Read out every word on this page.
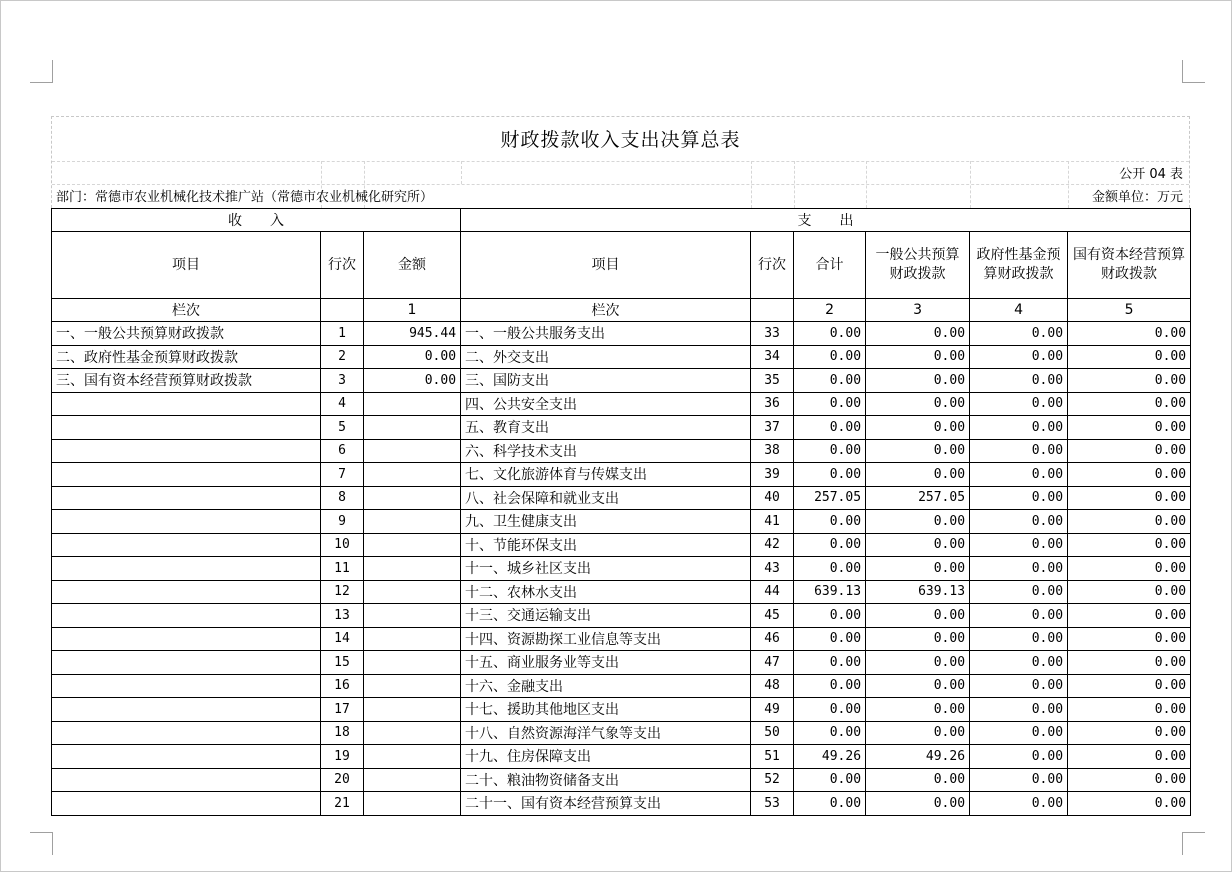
财政拨款收入支出决算总表
公开 04 表
部门：常德市农业机械化技术推广站（常德市农业机械化研究所）	金额单位：万元
收　　入			支　　出					
项目	行次	金额	项目	行次	合计	一般公共预算财政拨款	政府性基金预算财政拨款	国有资本经营预算财政拨款
栏次		1	栏次		2	3	4	5
一、一般公共预算财政拨款	1	945.44	一、一般公共服务支出	33	0.00	0.00	0.00	0.00
二、政府性基金预算财政拨款	2	0.00	二、外交支出	34	0.00	0.00	0.00	0.00
三、国有资本经营预算财政拨款	3	0.00	三、国防支出	35	0.00	0.00	0.00	0.00
	4		四、公共安全支出	36	0.00	0.00	0.00	0.00
	5		五、教育支出	37	0.00	0.00	0.00	0.00
	6		六、科学技术支出	38	0.00	0.00	0.00	0.00
	7		七、文化旅游体育与传媒支出	39	0.00	0.00	0.00	0.00
	8		八、社会保障和就业支出	40	257.05	257.05	0.00	0.00
	9		九、卫生健康支出	41	0.00	0.00	0.00	0.00
	10		十、节能环保支出	42	0.00	0.00	0.00	0.00
	11		十一、城乡社区支出	43	0.00	0.00	0.00	0.00
	12		十二、农林水支出	44	639.13	639.13	0.00	0.00
	13		十三、交通运输支出	45	0.00	0.00	0.00	0.00
	14		十四、资源勘探工业信息等支出	46	0.00	0.00	0.00	0.00
	15		十五、商业服务业等支出	47	0.00	0.00	0.00	0.00
	16		十六、金融支出	48	0.00	0.00	0.00	0.00
	17		十七、援助其他地区支出	49	0.00	0.00	0.00	0.00
	18		十八、自然资源海洋气象等支出	50	0.00	0.00	0.00	0.00
	19		十九、住房保障支出	51	49.26	49.26	0.00	0.00
	20		二十、粮油物资储备支出	52	0.00	0.00	0.00	0.00
	21		二十一、国有资本经营预算支出	53	0.00	0.00	0.00	0.00
